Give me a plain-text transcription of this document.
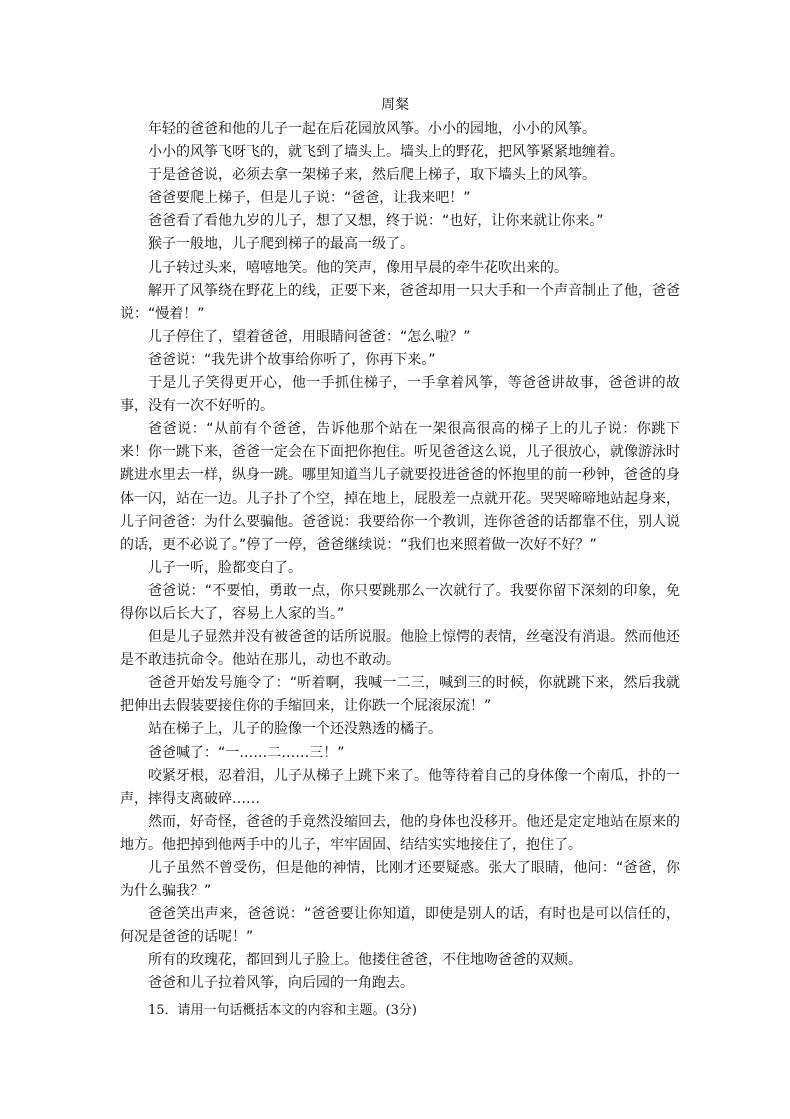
周粲

年轻的爸爸和他的儿子一起在后花园放风筝。小小的园地，小小的风筝。

小小的风筝飞呀飞的，就飞到了墙头上。墙头上的野花，把风筝紧紧地缠着。

于是爸爸说，必须去拿一架梯子来，然后爬上梯子，取下墙头上的风筝。

爸爸要爬上梯子，但是儿子说：“爸爸，让我来吧！”

爸爸看了看他九岁的儿子，想了又想，终于说：“也好，让你来就让你来。”

猴子一般地，儿子爬到梯子的最高一级了。

儿子转过头来，嘻嘻地笑。他的笑声，像用早晨的牵牛花吹出来的。

解开了风筝绕在野花上的线，正要下来，爸爸却用一只大手和一个声音制止了他，爸爸说：“慢着！”

儿子停住了，望着爸爸，用眼睛问爸爸：“怎么啦？”

爸爸说：“我先讲个故事给你听了，你再下来。”

于是儿子笑得更开心，他一手抓住梯子，一手拿着风筝，等爸爸讲故事，爸爸讲的故事，没有一次不好听的。

爸爸说：“从前有个爸爸，告诉他那个站在一架很高很高的梯子上的儿子说：你跳下来！你一跳下来，爸爸一定会在下面把你抱住。听见爸爸这么说，儿子很放心，就像游泳时跳进水里去一样，纵身一跳。哪里知道当儿子就要投进爸爸的怀抱里的前一秒钟，爸爸的身体一闪，站在一边。儿子扑了个空，掉在地上，屁股差一点就开花。哭哭啼啼地站起身来，儿子问爸爸：为什么要骗他。爸爸说：我要给你一个教训，连你爸爸的话都靠不住，别人说的话，更不必说了。”停了一停，爸爸继续说：“我们也来照着做一次好不好？”

儿子一听，脸都变白了。

爸爸说：“不要怕，勇敢一点，你只要跳那么一次就行了。我要你留下深刻的印象，免得你以后长大了，容易上人家的当。”

但是儿子显然并没有被爸爸的话所说服。他脸上惊愕的表情，丝毫没有消退。然而他还是不敢违抗命令。他站在那儿，动也不敢动。

爸爸开始发号施令了：“听着啊，我喊一二三，喊到三的时候，你就跳下来，然后我就把伸出去假装要接住你的手缩回来，让你跌一个屁滚尿流！”

站在梯子上，儿子的脸像一个还没熟透的橘子。

爸爸喊了：“一……二……三！”

咬紧牙根，忍着泪，儿子从梯子上跳下来了。他等待着自己的身体像一个南瓜，扑的一声，摔得支离破碎……

然而，好奇怪，爸爸的手竟然没缩回去，他的身体也没移开。他还是定定地站在原来的地方。他把掉到他两手中的儿子，牢牢固固、结结实实地接住了，抱住了。

儿子虽然不曾受伤，但是他的神情，比刚才还要疑惑。张大了眼睛，他问：“爸爸，你为什么骗我？”

爸爸笑出声来，爸爸说：“爸爸要让你知道，即使是别人的话，有时也是可以信任的，何况是爸爸的话呢！”

所有的玫瑰花，都回到儿子脸上。他搂住爸爸，不住地吻爸爸的双颊。

爸爸和儿子拉着风筝，向后园的一角跑去。

15．请用一句话概括本文的内容和主题。(3分)
